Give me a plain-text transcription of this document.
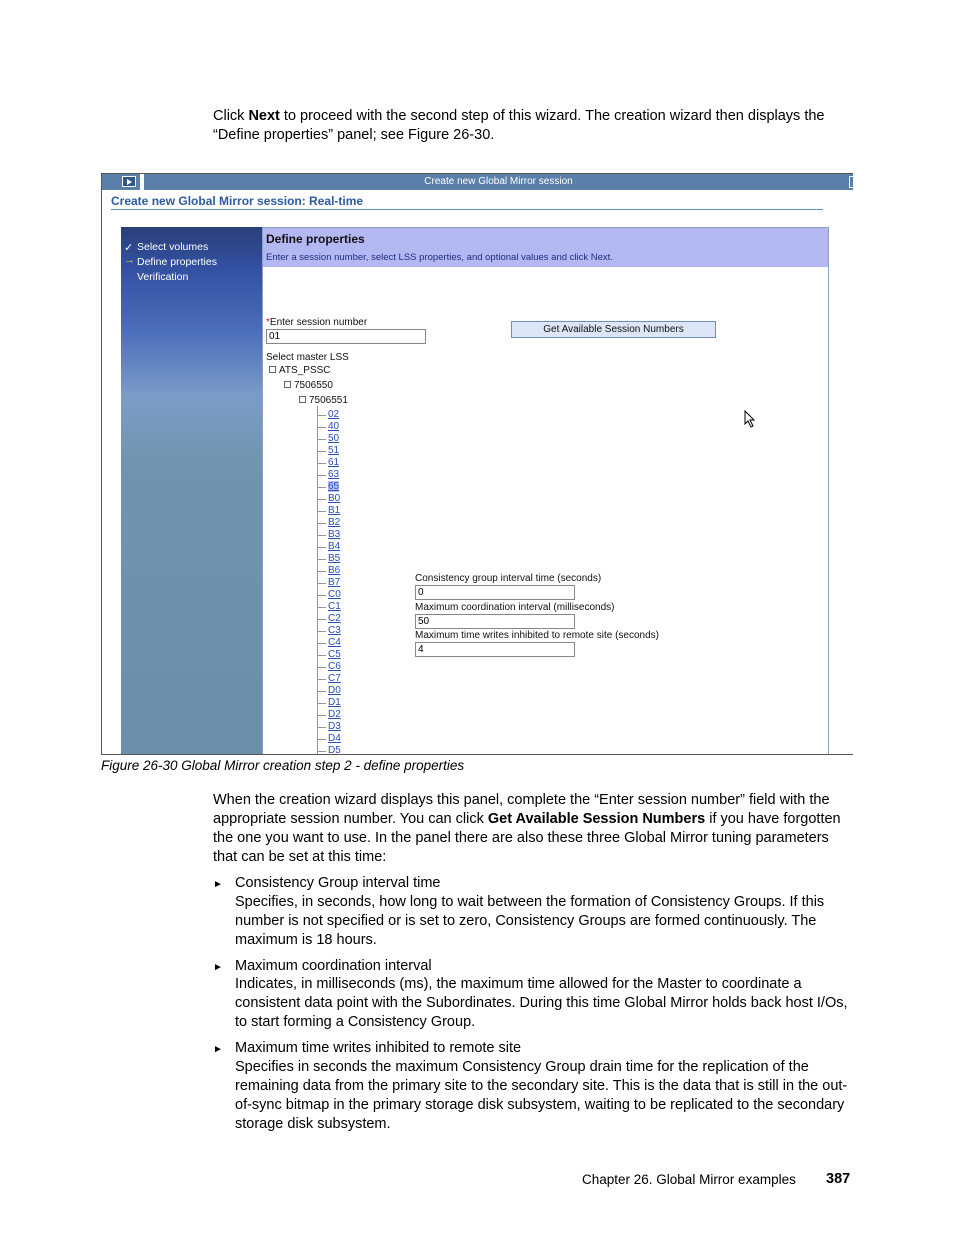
Click Next to proceed with the second step of this wizard. The creation wizard then displays the “Define properties” panel; see Figure 26-30.

Create new Global Mirror session
Create new Global Mirror session: Real-time
✓ Select volumes
→ Define properties
Verification
Define properties
Enter a session number, select LSS properties, and optional values and click Next.
*Enter session number
01
Get Available Session Numbers
Select master LSS
ATS_PSSC
7506550
7506551
02
40
50
51
61
63
65
B0
B1
B2
B3
B4
B5
B6
B7
C0
C1
C2
C3
C4
C5
C6
C7
D0
D1
D2
D3
D4
D5
Consistency group interval time (seconds)
0
Maximum coordination interval (milliseconds)
50
Maximum time writes inhibited to remote site (seconds)
4
Figure 26-30 Global Mirror creation step 2 - define properties

When the creation wizard displays this panel, complete the “Enter session number” field with the appropriate session number. You can click Get Available Session Numbers if you have forgotten the one you want to use. In the panel there are also these three Global Mirror tuning parameters that can be set at this time:

► Consistency Group interval time
Specifies, in seconds, how long to wait between the formation of Consistency Groups. If this number is not specified or is set to zero, Consistency Groups are formed continuously. The maximum is 18 hours.
► Maximum coordination interval
Indicates, in milliseconds (ms), the maximum time allowed for the Master to coordinate a consistent data point with the Subordinates. During this time Global Mirror holds back host I/Os, to start forming a Consistency Group.
► Maximum time writes inhibited to remote site
Specifies in seconds the maximum Consistency Group drain time for the replication of the remaining data from the primary site to the secondary site. This is the data that is still in the out-of-sync bitmap in the primary storage disk subsystem, waiting to be replicated to the secondary storage disk subsystem.
Chapter 26. Global Mirror examples 387
